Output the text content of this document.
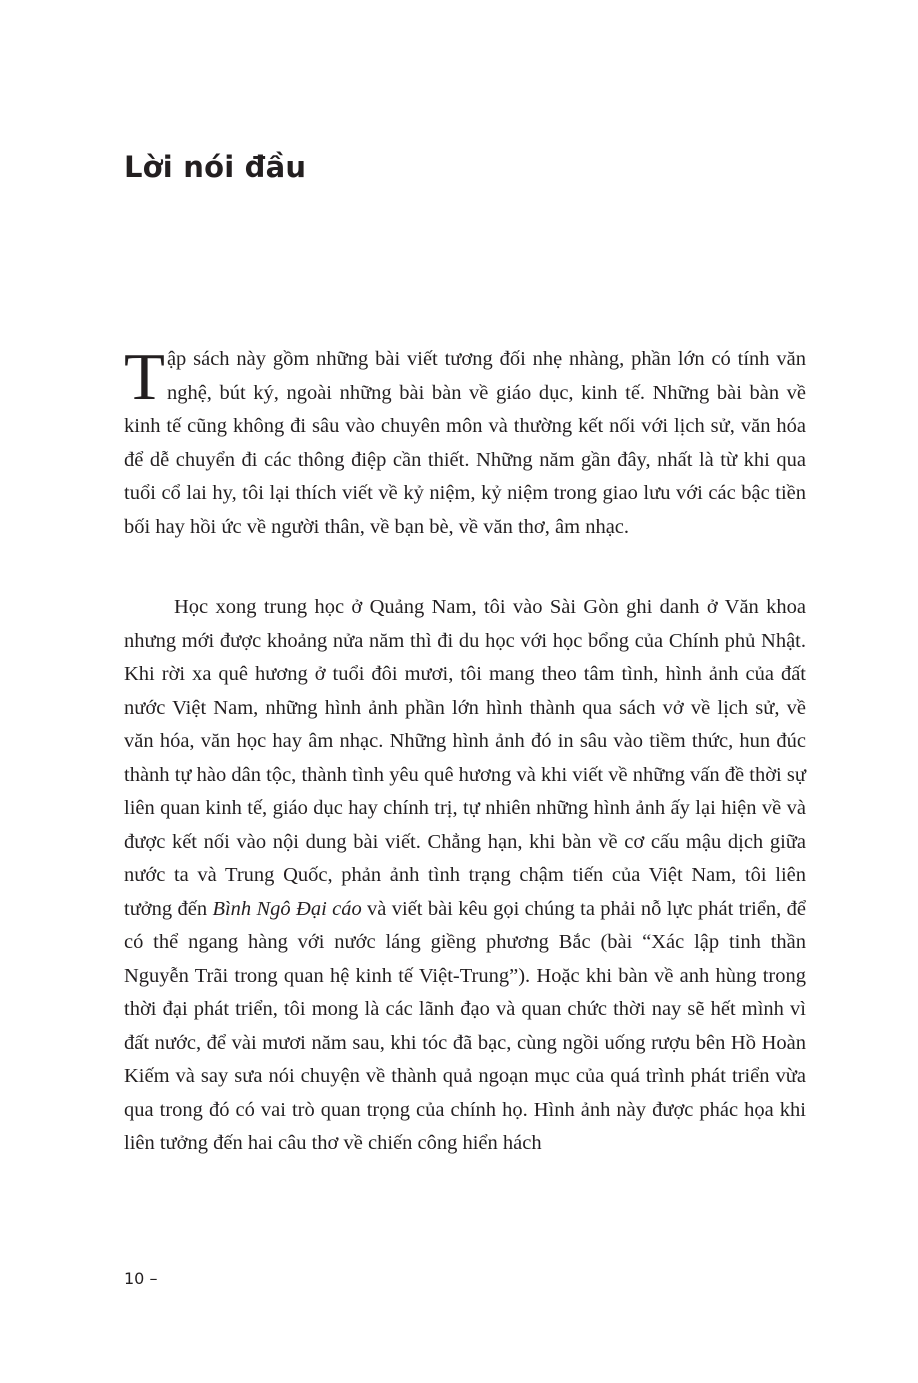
Lời nói đầu

Tập sách này gồm những bài viết tương đối nhẹ nhàng, phần lớn có tính văn nghệ, bút ký, ngoài những bài bàn về giáo dục, kinh tế. Những bài bàn về kinh tế cũng không đi sâu vào chuyên môn và thường kết nối với lịch sử, văn hóa để dễ chuyển đi các thông điệp cần thiết. Những năm gần đây, nhất là từ khi qua tuổi cổ lai hy, tôi lại thích viết về kỷ niệm, kỷ niệm trong giao lưu với các bậc tiền bối hay hồi ức về người thân, về bạn bè, về văn thơ, âm nhạc.

Học xong trung học ở Quảng Nam, tôi vào Sài Gòn ghi danh ở Văn khoa nhưng mới được khoảng nửa năm thì đi du học với học bổng của Chính phủ Nhật. Khi rời xa quê hương ở tuổi đôi mươi, tôi mang theo tâm tình, hình ảnh của đất nước Việt Nam, những hình ảnh phần lớn hình thành qua sách vở về lịch sử, về văn hóa, văn học hay âm nhạc. Những hình ảnh đó in sâu vào tiềm thức, hun đúc thành tự hào dân tộc, thành tình yêu quê hương và khi viết về những vấn đề thời sự liên quan kinh tế, giáo dục hay chính trị, tự nhiên những hình ảnh ấy lại hiện về và được kết nối vào nội dung bài viết. Chẳng hạn, khi bàn về cơ cấu mậu dịch giữa nước ta và Trung Quốc, phản ảnh tình trạng chậm tiến của Việt Nam, tôi liên tưởng đến Bình Ngô Đại cáo và viết bài kêu gọi chúng ta phải nỗ lực phát triển, để có thể ngang hàng với nước láng giềng phương Bắc (bài “Xác lập tinh thần Nguyễn Trãi trong quan hệ kinh tế Việt-Trung”). Hoặc khi bàn về anh hùng trong thời đại phát triển, tôi mong là các lãnh đạo và quan chức thời nay sẽ hết mình vì đất nước, để vài mươi năm sau, khi tóc đã bạc, cùng ngồi uống rượu bên Hồ Hoàn Kiếm và say sưa nói chuyện về thành quả ngoạn mục của quá trình phát triển vừa qua trong đó có vai trò quan trọng của chính họ. Hình ảnh này được phác họa khi liên tưởng đến hai câu thơ về chiến công hiển hách

10 –
